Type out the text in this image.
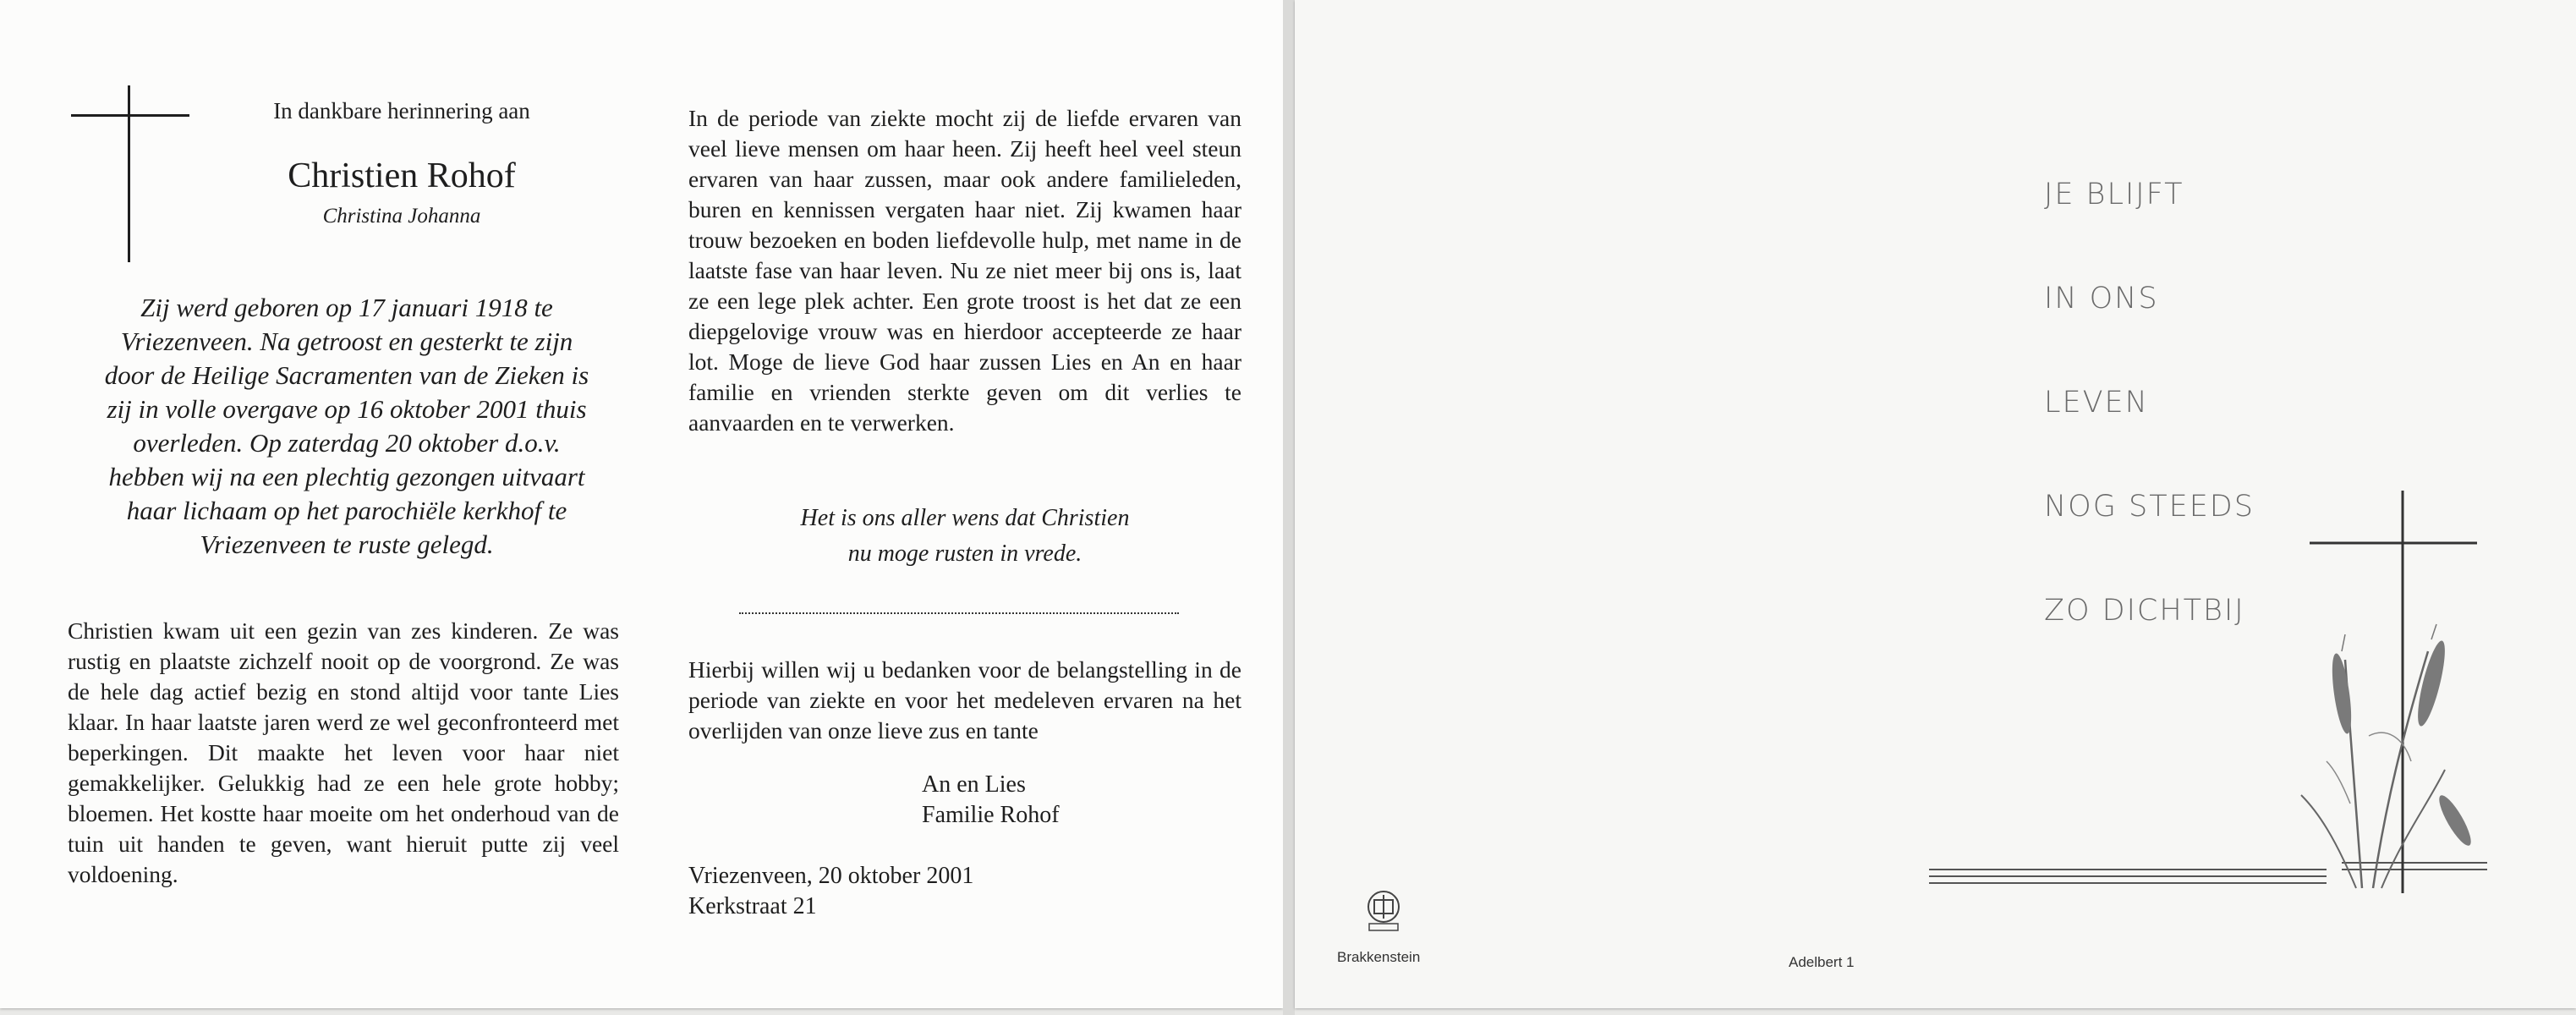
In dankbare herinnering aan
Christien Rohof
Christina Johanna
Zij werd geboren op 17 januari 1918 te
Vriezenveen. Na getroost en gesterkt te zijn
door de Heilige Sacramenten van de Zieken is
zij in volle overgave op 16 oktober 2001 thuis
overleden. Op zaterdag 20 oktober d.o.v.
hebben wij na een plechtig gezongen uitvaart
haar lichaam op het parochiële kerkhof te
Vriezenveen te ruste gelegd.
Christien kwam uit een gezin van zes kinderen. Ze was rustig en plaatste zichzelf nooit op de voorgrond. Ze was de hele dag actief bezig en stond altijd voor tante Lies klaar. In haar laatste jaren werd ze wel geconfronteerd met beperkingen. Dit maakte het leven voor haar niet gemakkelijker. Gelukkig had ze een hele grote hobby; bloemen. Het kostte haar moeite om het onderhoud van de tuin uit handen te geven, want hieruit putte zij veel voldoening.
In de periode van ziekte mocht zij de liefde ervaren van veel lieve mensen om haar heen. Zij heeft heel veel steun ervaren van haar zussen, maar ook andere familieleden, buren en kennissen vergaten haar niet. Zij kwamen haar trouw bezoeken en boden liefdevolle hulp, met name in de laatste fase van haar leven. Nu ze niet meer bij ons is, laat ze een lege plek achter. Een grote troost is het dat ze een diepgelovige vrouw was en hierdoor accepteerde ze haar lot. Moge de lieve God haar zussen Lies en An en haar familie en vrienden sterkte geven om dit verlies te aanvaarden en te verwerken.
Het is ons aller wens dat Christien
nu moge rusten in vrede.
Hierbij willen wij u bedanken voor de belangstelling in de periode van ziekte en voor het medeleven ervaren na het overlijden van onze lieve zus en tante
An en Lies
Familie Rohof
Vriezenveen, 20 oktober 2001
Kerkstraat 21

JE BLIJFT

IN ONS

LEVEN

NOG STEEDS

ZO DICHTBIJ

Brakkenstein	Adelbert 1
